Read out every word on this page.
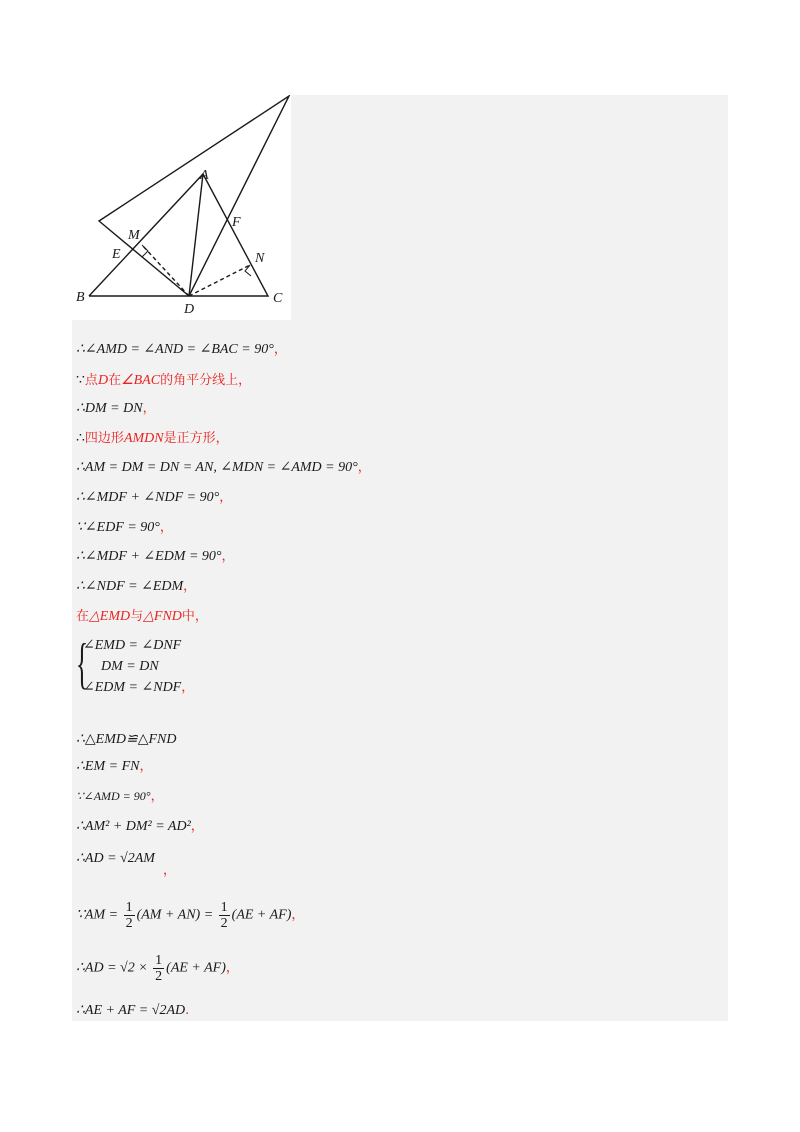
A
B	C
D
E
F
M
N
∴∠AMD = ∠AND = ∠BAC = 90°，
∵点D在∠BAC的角平分线上，
∴DM = DN，
∴四边形AMDN是正方形，
∴AM = DM = DN = AN, ∠MDN = ∠AMD = 90°，
∴∠MDF + ∠NDF = 90°，
∵∠EDF = 90°，
∴∠MDF + ∠EDM = 90°，
∴∠NDF = ∠EDM，
在△EMD与△FND中，
{
∠EMD = ∠DNF
DM = DN
∠EDM = ∠NDF，
∴△EMD≌△FND
∴EM = FN，
∵∠AMD = 90°，
∴AM² + DM² = AD²，
∴AD = √2AM
，
∵AM = $\frac{1}{2} (AM + AN) = \frac{1}{2} (AE + AF)$，
∴AD = $√2 \times \frac{1}{2} (AE + AF)$，
∴AE + AF = √2AD.
